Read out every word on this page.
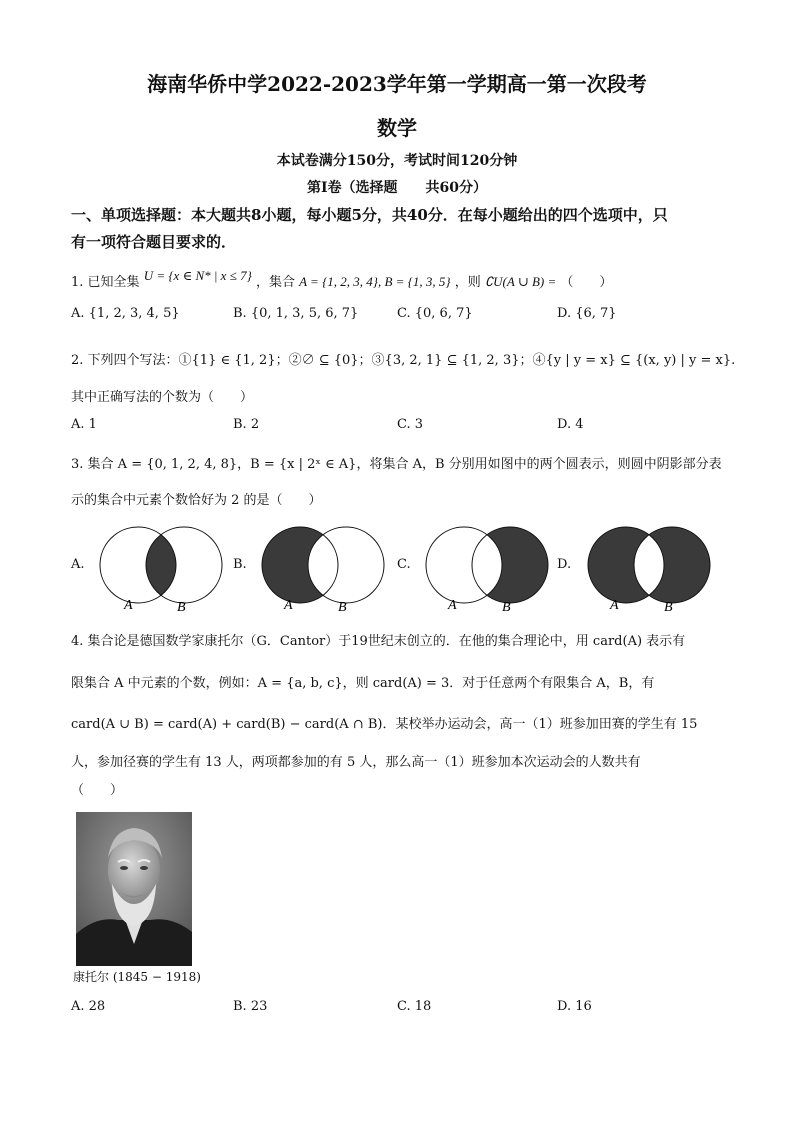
海南华侨中学2022-2023学年第一学期高一第一次段考
数学
本试卷满分150分，考试时间120分钟
第Ⅰ卷（选择题　　共60分）
一、单项选择题：本大题共8小题，每小题5分，共40分．在每小题给出的四个选项中，只
有一项符合题目要求的．
1. 已知全集 U = {x ∈ N* | x ≤ 7} ，集合 A = {1, 2, 3, 4}, B = {1, 3, 5} ，则 ∁U(A ∪ B) = （　　）
A. {1, 2, 3, 4, 5}	B. {0, 1, 3, 5, 6, 7}	C. {0, 6, 7}	D. {6, 7}
2. 下列四个写法：①{1} ∈ {1, 2}；②∅ ⊆ {0}；③{3, 2, 1} ⊆ {1, 2, 3}；④{y | y = x} ⊆ {(x, y) | y = x}.
其中正确写法的个数为（　　）
A. 1	B. 2	C. 3	D. 4
3. 集合 A = {0, 1, 2, 4, 8}，B = {x | 2ˣ ∈ A}，将集合 A，B 分别用如图中的两个圆表示，则圆中阴影部分表
示的集合中元素个数恰好为 2 的是（　　）
A.	B.	C.	D.
A	B	A	B	A	B	A	B
4. 集合论是德国数学家康托尔（G．Cantor）于19世纪末创立的．在他的集合理论中，用 card(A) 表示有
限集合 A 中元素的个数，例如：A = {a, b, c}，则 card(A) = 3．对于任意两个有限集合 A，B，有
card(A ∪ B) = card(A) + card(B) − card(A ∩ B)．某校举办运动会，高一（1）班参加田赛的学生有 15
人，参加径赛的学生有 13 人，两项都参加的有 5 人，那么高一（1）班参加本次运动会的人数共有
（　　）
康托尔 (1845 − 1918)
A. 28	B. 23	C. 18	D. 16
